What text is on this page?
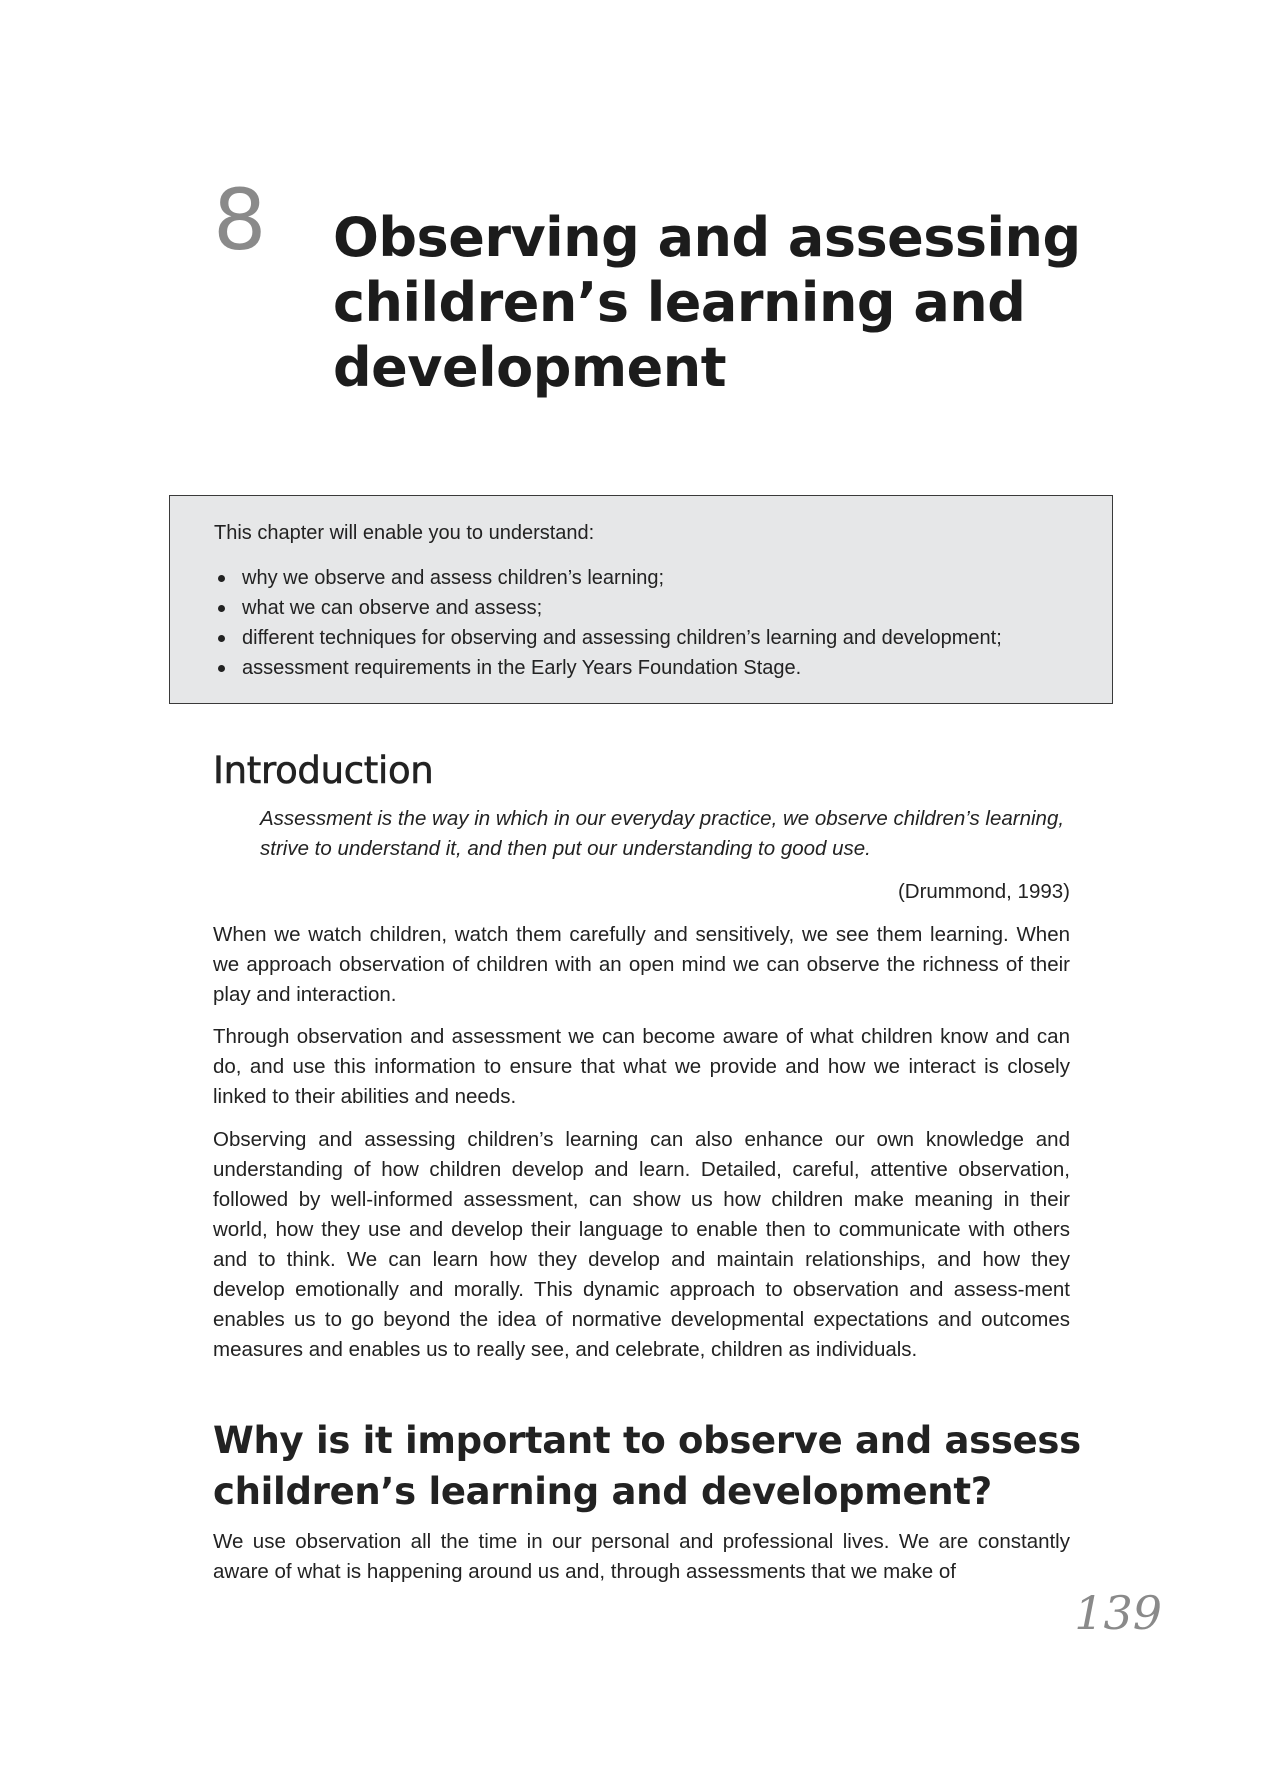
8 Observing and assessing children’s learning and development

This chapter will enable you to understand:

why we observe and assess children’s learning;
what we can observe and assess;
different techniques for observing and assessing children’s learning and development;
assessment requirements in the Early Years Foundation Stage.
Introduction

Assessment is the way in which in our everyday practice, we observe children’s learning, strive to understand it, and then put our understanding to good use.

(Drummond, 1993)

When we watch children, watch them carefully and sensitively, we see them learning. When we approach observation of children with an open mind we can observe the richness of their play and interaction.

Through observation and assessment we can become aware of what children know and can do, and use this information to ensure that what we provide and how we interact is closely linked to their abilities and needs.

Observing and assessing children’s learning can also enhance our own knowledge and understanding of how children develop and learn. Detailed, careful, attentive observation, followed by well-informed assessment, can show us how children make meaning in their world, how they use and develop their language to enable then to communicate with others and to think. We can learn how they develop and maintain relationships, and how they develop emotionally and morally. This dynamic approach to observation and assess-ment enables us to go beyond the idea of normative developmental expectations and outcomes measures and enables us to really see, and celebrate, children as individuals.

Why is it important to observe and assess children’s learning and development?

We use observation all the time in our personal and professional lives. We are constantly aware of what is happening around us and, through assessments that we make of

139
